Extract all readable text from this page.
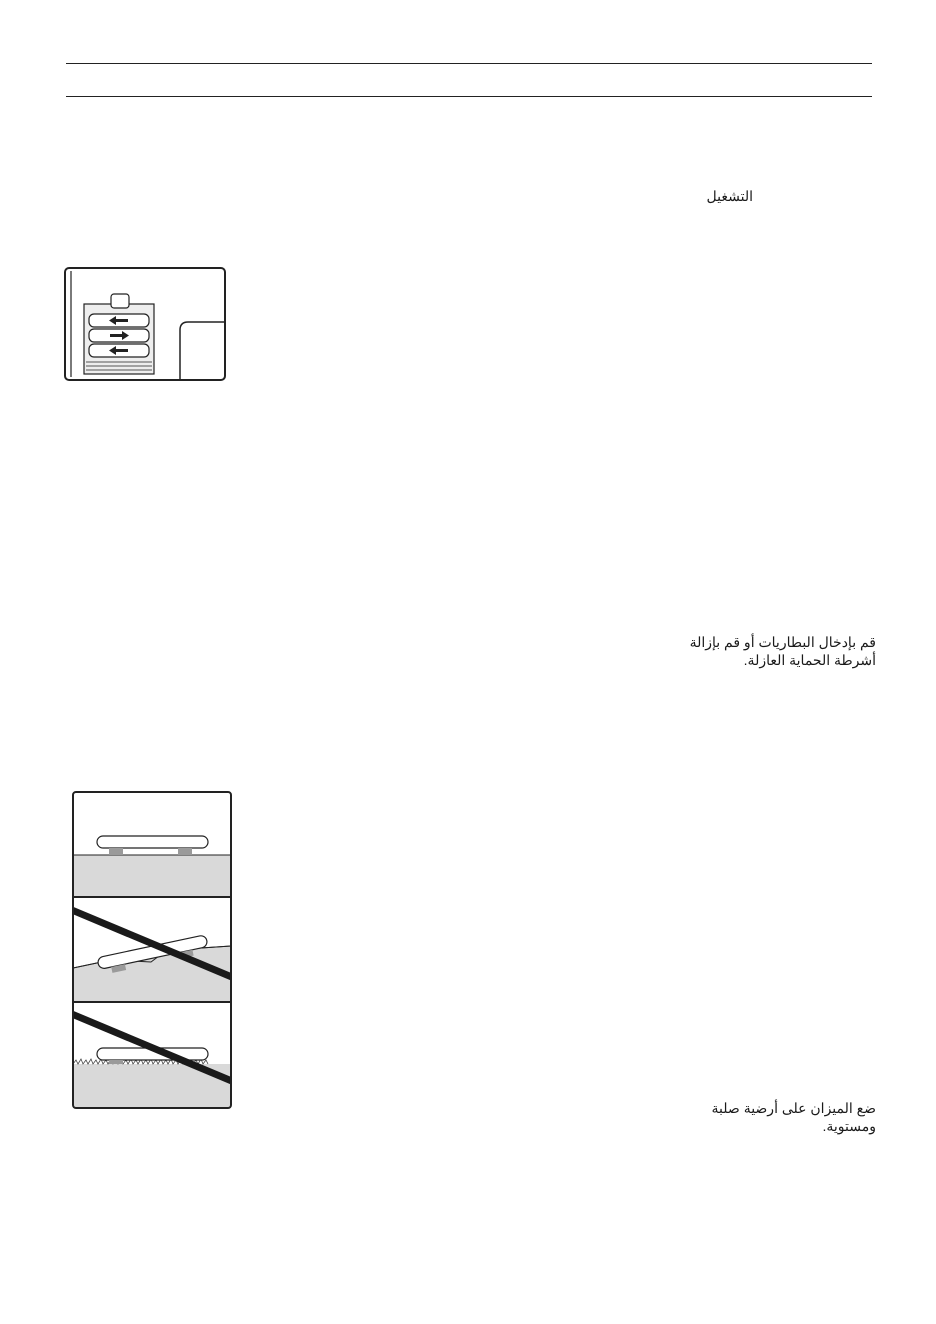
التشغيل
قم بإدخال البطاريات أو قم بإزالة
أشرطة الحماية العازلة.
ضع الميزان على أرضية صلبة
ومستوية.
